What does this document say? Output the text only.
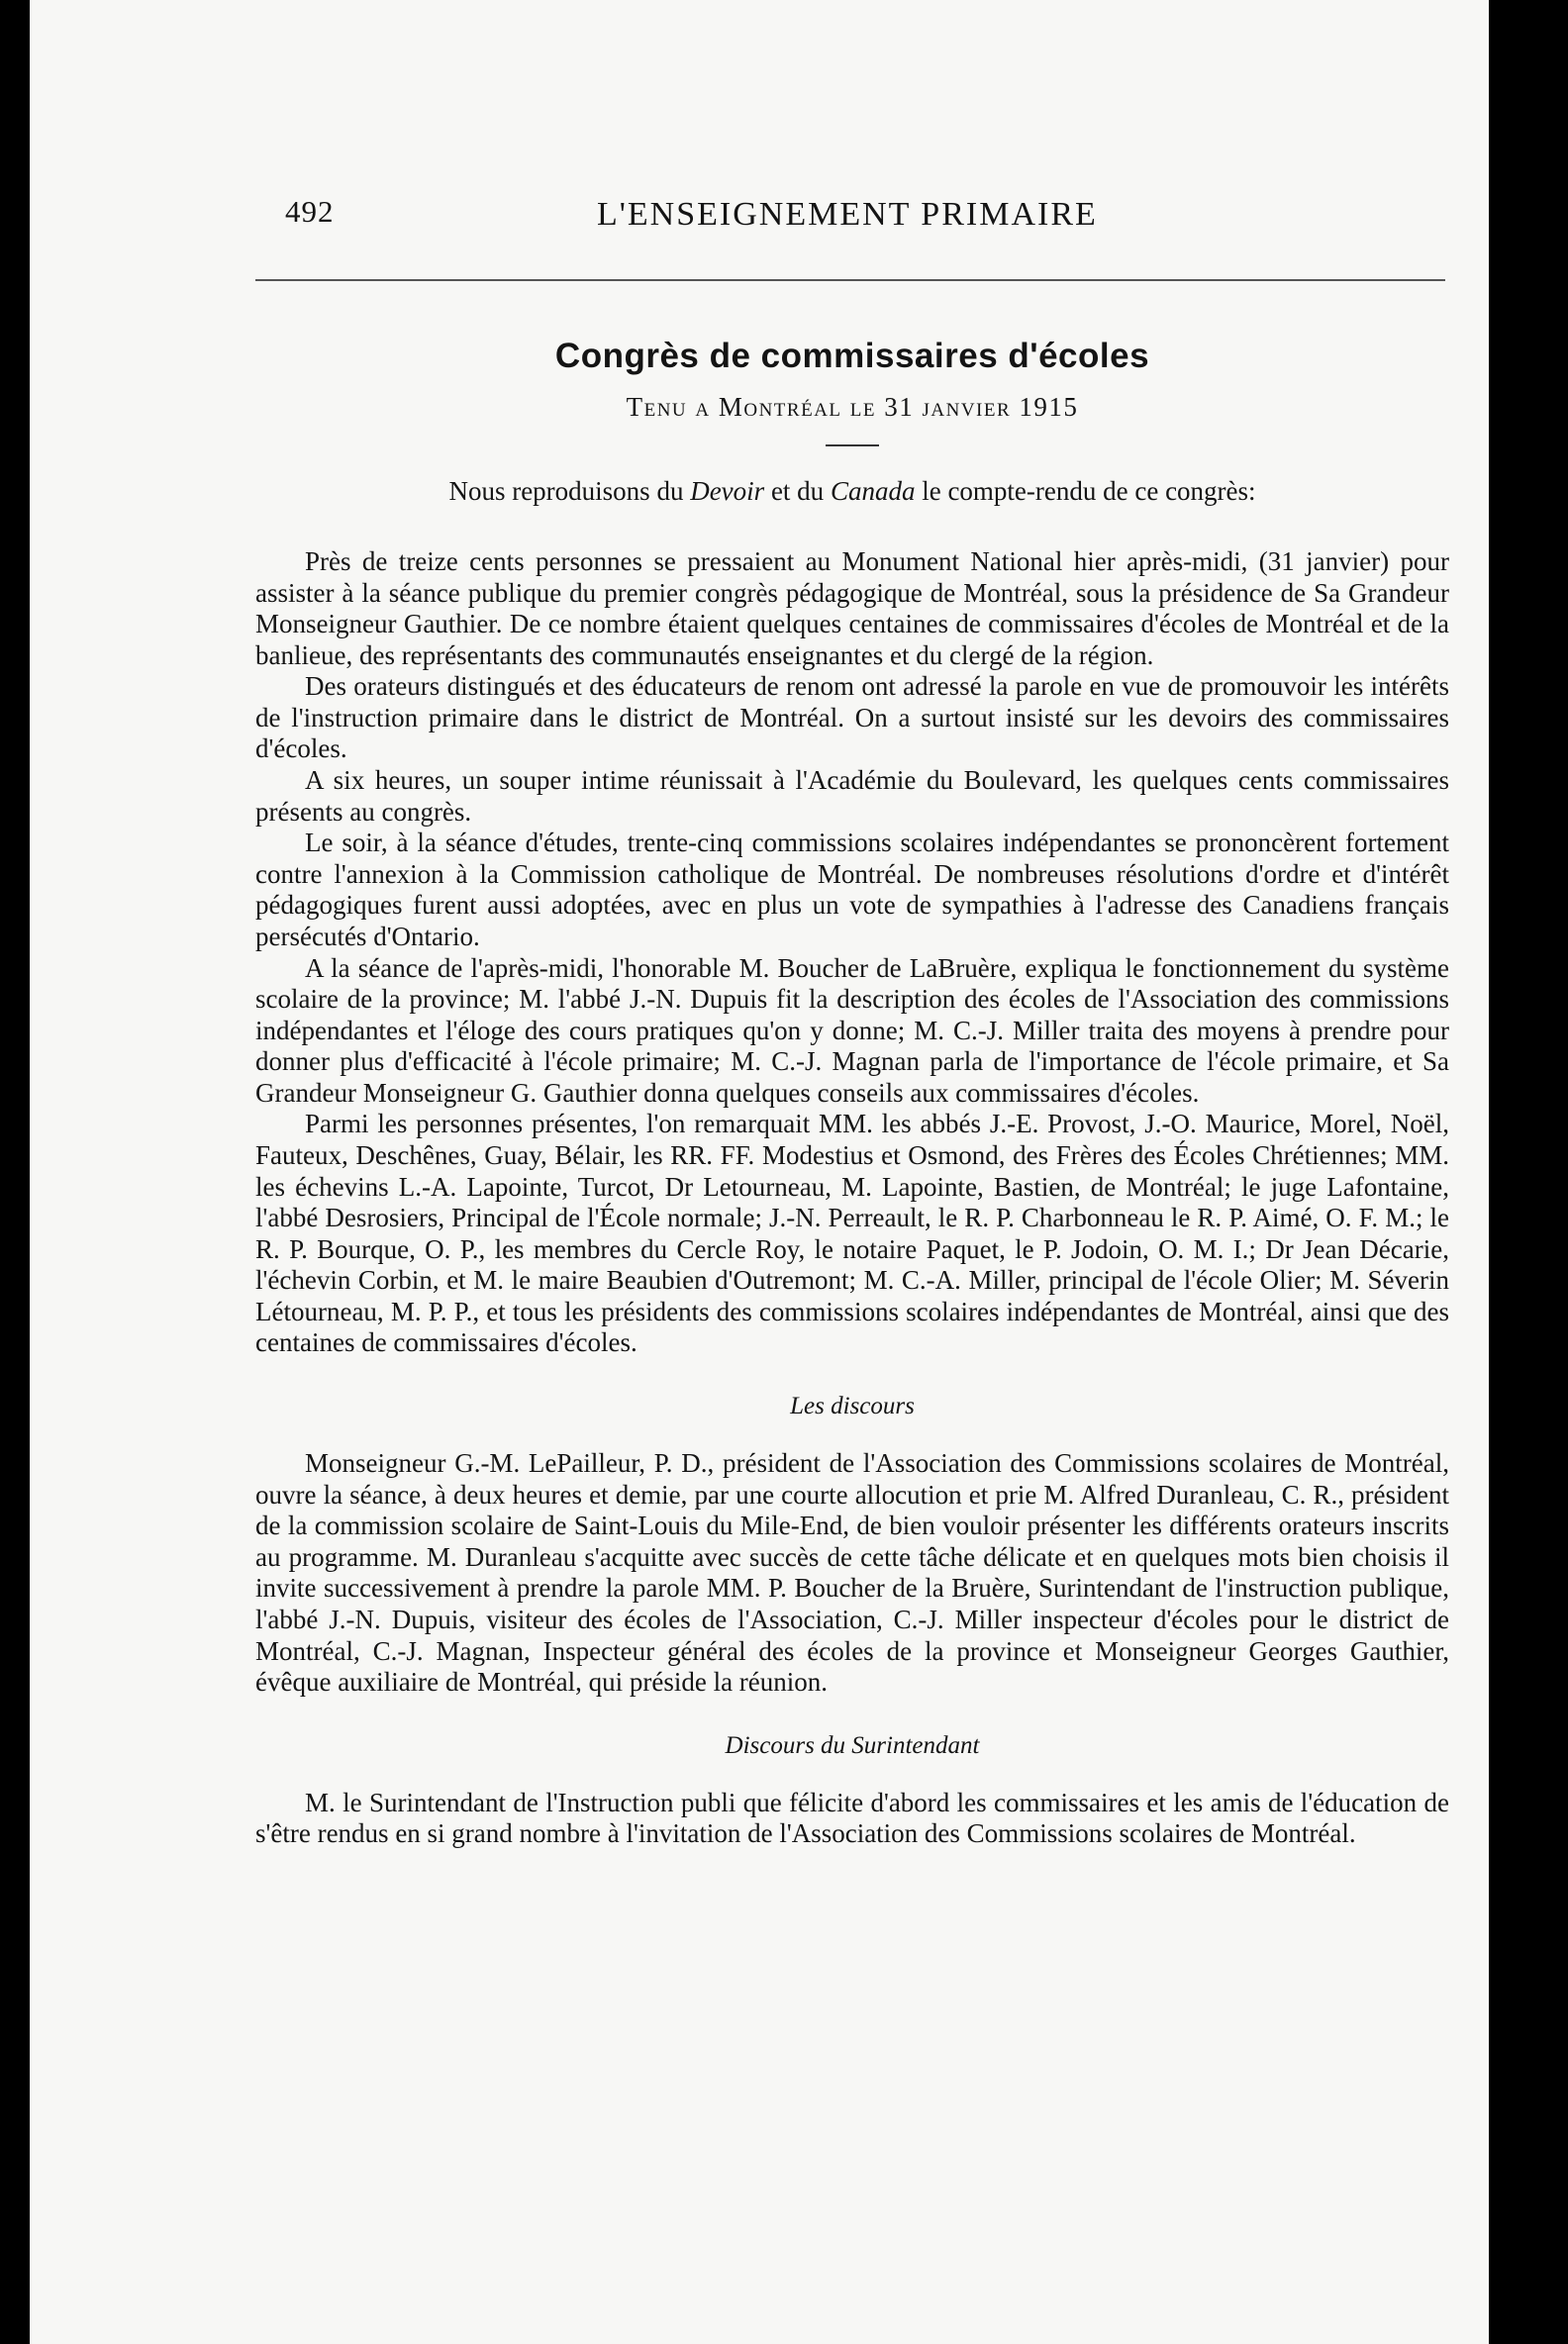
492	L'ENSEIGNEMENT PRIMAIRE
Congrès de commissaires d'écoles
Tenu a Montréal le 31 janvier 1915
Nous reproduisons du Devoir et du Canada le compte-rendu de ce congrès:

Près de treize cents personnes se pressaient au Monument National hier après-midi, (31 janvier) pour assister à la séance publique du premier congrès pédagogique de Montréal, sous la présidence de Sa Grandeur Monseigneur Gauthier. De ce nombre étaient quelques centaines de commissaires d'écoles de Montréal et de la banlieue, des représentants des communautés enseignantes et du clergé de la région.

Des orateurs distingués et des éducateurs de renom ont adressé la parole en vue de promouvoir les intérêts de l'instruction primaire dans le district de Montréal. On a surtout insisté sur les devoirs des commissaires d'écoles.

A six heures, un souper intime réunissait à l'Académie du Boulevard, les quelques cents commissaires présents au congrès.

Le soir, à la séance d'études, trente-cinq commissions scolaires indépendantes se prononcèrent fortement contre l'annexion à la Commission catholique de Montréal. De nombreuses résolutions d'ordre et d'intérêt pédagogiques furent aussi adoptées, avec en plus un vote de sympathies à l'adresse des Canadiens français persécutés d'Ontario.

A la séance de l'après-midi, l'honorable M. Boucher de LaBruère, expliqua le fonctionnement du système scolaire de la province; M. l'abbé J.-N. Dupuis fit la description des écoles de l'Association des commissions indépendantes et l'éloge des cours pratiques qu'on y donne; M. C.-J. Miller traita des moyens à prendre pour donner plus d'efficacité à l'école primaire; M. C.-J. Magnan parla de l'importance de l'école primaire, et Sa Grandeur Monseigneur G. Gauthier donna quelques conseils aux commissaires d'écoles.

Parmi les personnes présentes, l'on remarquait MM. les abbés J.-E. Provost, J.-O. Maurice, Morel, Noël, Fauteux, Deschênes, Guay, Bélair, les RR. FF. Modestius et Osmond, des Frères des Écoles Chrétiennes; MM. les échevins L.-A. Lapointe, Turcot, Dr Letourneau, M. Lapointe, Bastien, de Montréal; le juge Lafontaine, l'abbé Desrosiers, Principal de l'École normale; J.-N. Perreault, le R. P. Charbonneau le R. P. Aimé, O. F. M.; le R. P. Bourque, O. P., les membres du Cercle Roy, le notaire Paquet, le P. Jodoin, O. M. I.; Dr Jean Décarie, l'échevin Corbin, et M. le maire Beaubien d'Outremont; M. C.-A. Miller, principal de l'école Olier; M. Séverin Létourneau, M. P. P., et tous les présidents des commissions scolaires indépendantes de Montréal, ainsi que des centaines de commissaires d'écoles.

Les discours

Monseigneur G.-M. LePailleur, P. D., président de l'Association des Commissions scolaires de Montréal, ouvre la séance, à deux heures et demie, par une courte allocution et prie M. Alfred Duranleau, C. R., président de la commission scolaire de Saint-Louis du Mile-End, de bien vouloir présenter les différents orateurs inscrits au programme. M. Duranleau s'acquitte avec succès de cette tâche délicate et en quelques mots bien choisis il invite successivement à prendre la parole MM. P. Boucher de la Bruère, Surintendant de l'instruction publique, l'abbé J.-N. Dupuis, visiteur des écoles de l'Association, C.-J. Miller inspecteur d'écoles pour le district de Montréal, C.-J. Magnan, Inspecteur général des écoles de la province et Monseigneur Georges Gauthier, évêque auxiliaire de Montréal, qui préside la réunion.

Discours du Surintendant

M. le Surintendant de l'Instruction publi que félicite d'abord les commissaires et les amis de l'éducation de s'être rendus en si grand nombre à l'invitation de l'Association des Commissions scolaires de Montréal.
